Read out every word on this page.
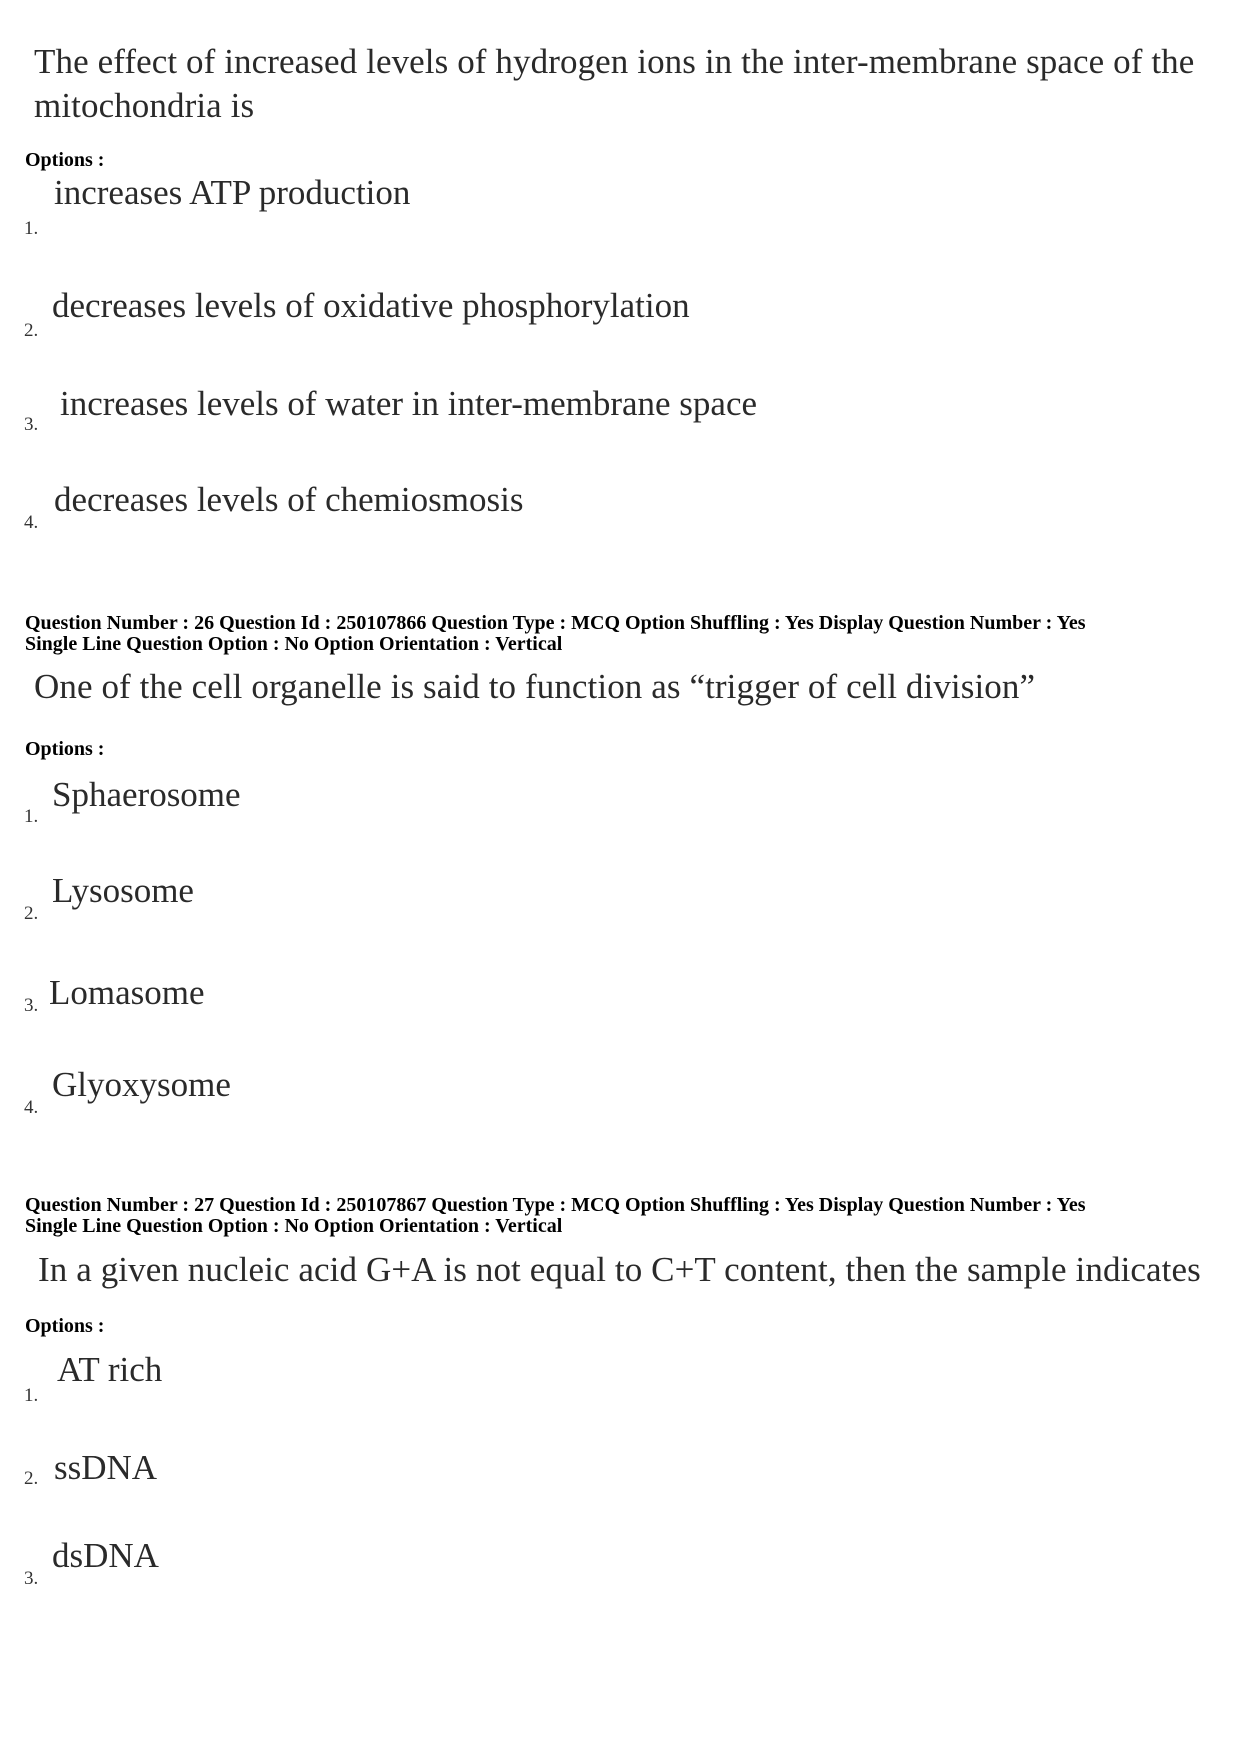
The effect of increased levels of hydrogen ions in the inter-membrane space of the
mitochondria is
Options :
1.
increases ATP production
2.
decreases levels of oxidative phosphorylation
3.
increases levels of water in inter-membrane space
4.
decreases levels of chemiosmosis
Question Number : 26 Question Id : 250107866 Question Type : MCQ Option Shuffling : Yes Display Question Number : Yes
Single Line Question Option : No Option Orientation : Vertical
One of the cell organelle is said to function as “trigger of cell division”
Options :
1.
Sphaerosome
2.
Lysosome
3. Lomasome
4.
Glyoxysome
Question Number : 27 Question Id : 250107867 Question Type : MCQ Option Shuffling : Yes Display Question Number : Yes
Single Line Question Option : No Option Orientation : Vertical
In a given nucleic acid G+A is not equal to C+T content, then the sample indicates
Options :
1.
AT rich
2. ssDNA
3.
dsDNA
